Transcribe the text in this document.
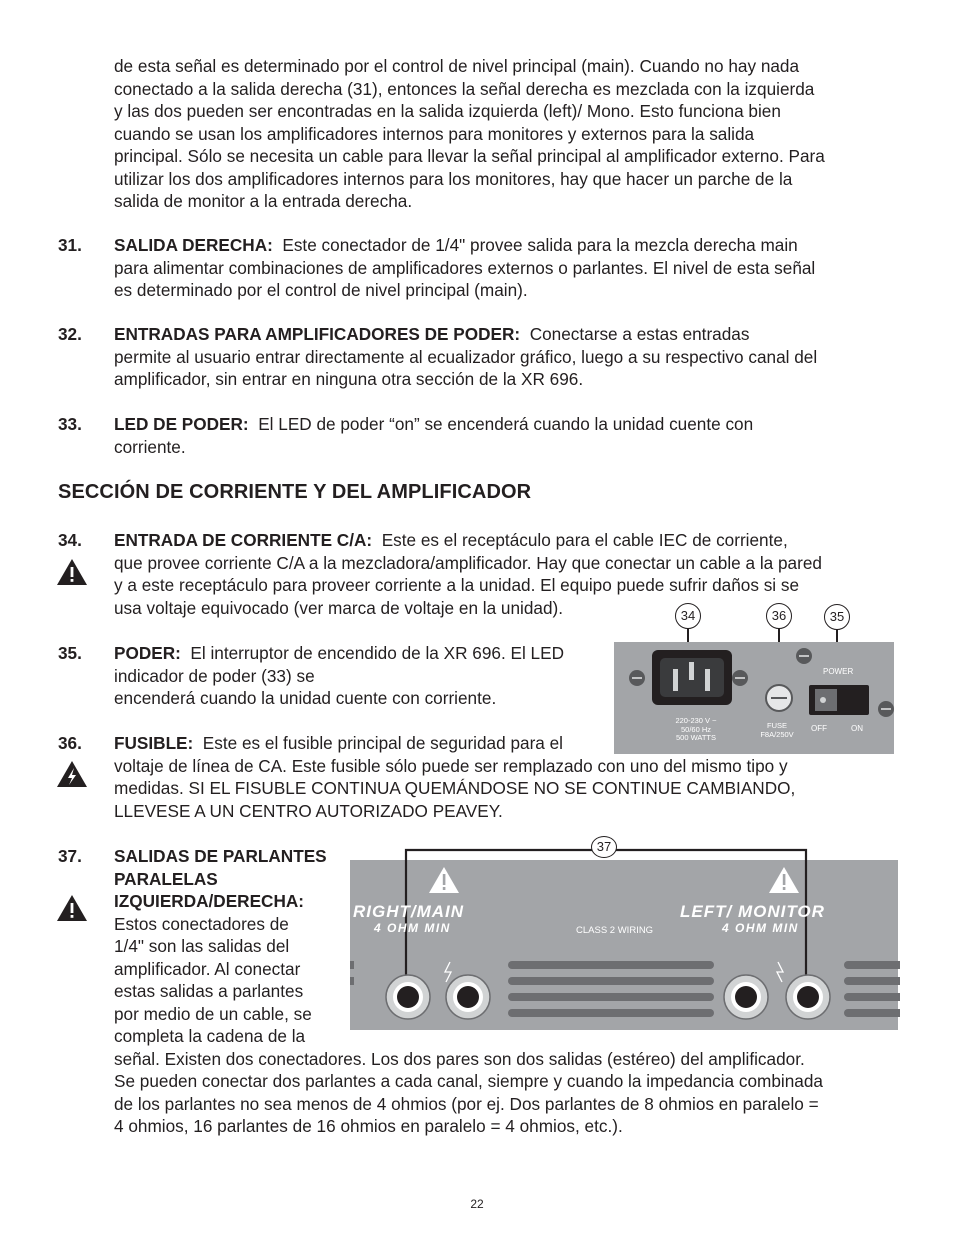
de esta señal es determinado por el control de nivel principal (main). Cuando no hay nada
conectado a la salida derecha (31), entonces la señal derecha es mezclada con la izquierda
y las dos pueden ser encontradas en la salida izquierda (left)/ Mono. Esto funciona bien
cuando se usan los amplificadores internos para monitores y externos para la salida
principal. Sólo se necesita un cable para llevar la señal principal al amplificador externo. Para
utilizar los dos amplificadores internos para los monitores, hay que hacer un parche de la
salida de monitor a la entrada derecha.
31. SALIDA DERECHA:  Este conectador de 1/4" provee salida para la mezcla derecha main
para alimentar combinaciones de amplificadores externos o parlantes. El nivel de esta señal
es determinado por el control de nivel principal (main).
32. ENTRADAS PARA AMPLIFICADORES DE PODER:  Conectarse a estas entradas
permite al usuario entrar directamente al ecualizador gráfico, luego a su respectivo canal del
amplificador, sin entrar en ninguna otra sección de la XR 696.
33. LED DE PODER:  El LED de poder “on” se encenderá cuando la unidad cuente con
corriente.
SECCIÓN DE CORRIENTE Y DEL AMPLIFICADOR
34. ENTRADA DE CORRIENTE C/A:  Este es el receptáculo para el cable IEC de corriente,
que provee corriente C/A a la mezcladora/amplificador. Hay que conectar un cable a la pared
y a este receptáculo para proveer corriente a la unidad. El equipo puede sufrir daños si se
usa voltaje equivocado (ver marca de voltaje en la unidad).
35. PODER:  El interruptor de encendido de la XR 696. El LED
indicador de poder (33) se
encenderá cuando la unidad cuente con corriente.
36. FUSIBLE:  Este es el fusible principal de seguridad para el
voltaje de línea de CA. Este fusible sólo puede ser remplazado con uno del mismo tipo y
medidas. SI EL FISUBLE CONTINUA QUEMÁNDOSE NO SE CONTINUE CAMBIANDO,
LLEVESE A UN CENTRO AUTORIZADO PEAVEY.
37. SALIDAS DE PARLANTES
PARALELAS
IZQUIERDA/DERECHA:
Estos conectadores de
1/4" son las salidas del
amplificador. Al conectar
estas salidas a parlantes
por medio de un cable, se
completa la cadena de la
señal. Existen dos conectadores. Los dos pares son dos salidas (estéreo) del amplificador.
Se pueden conectar dos parlantes a cada canal, siempre y cuando la impedancia combinada
de los parlantes no sea menos de 4 ohmios (por ej. Dos parlantes de 8 ohmios en paralelo =
4 ohmios, 16 parlantes de 16 ohmios en paralelo = 4 ohmios, etc.).
34	36	35
POWER
220-230 V ~
50/60 Hz
500 WATTS
FUSE
F8A/250V
OFF	ON
37
RIGHT/MAIN
4 OHM MIN
LEFT/ MONITOR
4 OHM MIN
CLASS 2 WIRING
22
